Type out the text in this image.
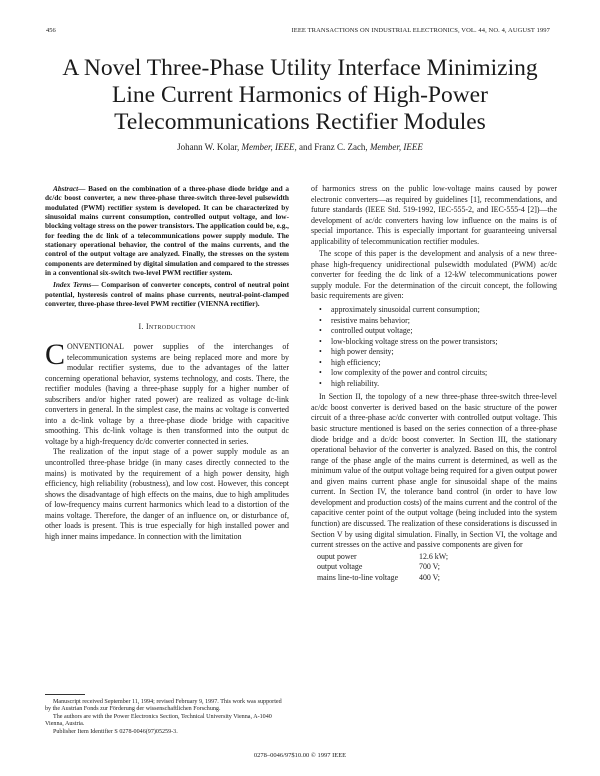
456	IEEE TRANSACTIONS ON INDUSTRIAL ELECTRONICS, VOL. 44, NO. 4, AUGUST 1997
A Novel Three-Phase Utility Interface Minimizing
Line Current Harmonics of High-Power
Telecommunications Rectifier Modules
Johann W. Kolar, Member, IEEE, and Franz C. Zach, Member, IEEE

Abstract— Based on the combination of a three-phase diode bridge and a dc/dc boost converter, a new three-phase three-switch three-level pulsewidth modulated (PWM) rectifier system is developed. It can be characterized by sinusoidal mains current consumption, controlled output voltage, and low-blocking voltage stress on the power transistors. The application could be, e.g., for feeding the dc link of a telecommunications power supply module. The stationary operational behavior, the control of the mains currents, and the control of the output voltage are analyzed. Finally, the stresses on the system components are determined by digital simulation and compared to the stresses in a conventional six-switch two-level PWM rectifier system.

Index Terms— Comparison of converter concepts, control of neutral point potential, hysteresis control of mains phase currents, neutral-point-clamped converter, three-phase three-level PWM rectifier (VIENNA rectifier).

I. Introduction

CONVENTIONAL power supplies of the interchanges of telecommunication systems are being replaced more and more by modular rectifier systems, due to the advantages of the latter concerning operational behavior, systems technology, and costs. There, the rectifier modules (having a three-phase supply for a higher number of subscribers and/or higher rated power) are realized as voltage dc-link converters in general. In the simplest case, the mains ac voltage is converted into a dc-link voltage by a three-phase diode bridge with capacitive smoothing. This dc-link voltage is then transformed into the output dc voltage by a high-frequency dc/dc converter connected in series.

The realization of the input stage of a power supply module as an uncontrolled three-phase bridge (in many cases directly connected to the mains) is motivated by the requirement of a high power density, high efficiency, high reliability (robustness), and low cost. However, this concept shows the disadvantage of high effects on the mains, due to high amplitudes of low-frequency mains current harmonics which lead to a distortion of the mains voltage. Therefore, the danger of an influence on, or disturbance of, other loads is present. This is true especially for high installed power and high inner mains impedance. In connection with the limitation

Manuscript received September 11, 1994; revised February 9, 1997. This work was supported by the Austrian Fonds zur Förderung der wissenschaftlichen Forschung.

The authors are with the Power Electronics Section, Technical University Vienna, A-1040 Vienna, Austria.

Publisher Item Identifier S 0278-0046(97)05259-3.

of harmonics stress on the public low-voltage mains caused by power electronic converters—as required by guidelines [1], recommendations, and future standards (IEEE Std. 519-1992, IEC-555-2, and IEC-555-4 [2])—the development of ac/dc converters having low influence on the mains is of special importance. This is especially important for guaranteeing universal applicability of telecommunication rectifier modules.

The scope of this paper is the development and analysis of a new three-phase high-frequency unidirectional pulsewidth modulated (PWM) ac/dc converter for feeding the dc link of a 12-kW telecommunications power supply module. For the determination of the circuit concept, the following basic requirements are given:

• approximately sinusoidal current consumption;
• resistive mains behavior;
• controlled output voltage;
• low-blocking voltage stress on the power transistors;
• high power density;
• high efficiency;
• low complexity of the power and control circuits;
• high reliability.

In Section II, the topology of a new three-phase three-switch three-level ac/dc boost converter is derived based on the basic structure of the power circuit of a three-phase ac/dc converter with controlled output voltage. This basic structure mentioned is based on the series connection of a three-phase diode bridge and a dc/dc boost converter. In Section III, the stationary operational behavior of the converter is analyzed. Based on this, the control range of the phase angle of the mains current is determined, as well as the minimum value of the output voltage being required for a given output power and given mains current phase angle for sinusoidal shape of the mains current. In Section IV, the tolerance band control (in order to have low development and production costs) of the mains current and the control of the capacitive center point of the output voltage (being included into the system function) are discussed. The realization of these considerations is discussed in Section V by using digital simulation. Finally, in Section VI, the voltage and current stresses on the active and passive components are given for

ouput power	12.6 kW;
output voltage	700 V;
mains line-to-line voltage	400 V;
0278–0046/97$10.00 © 1997 IEEE
